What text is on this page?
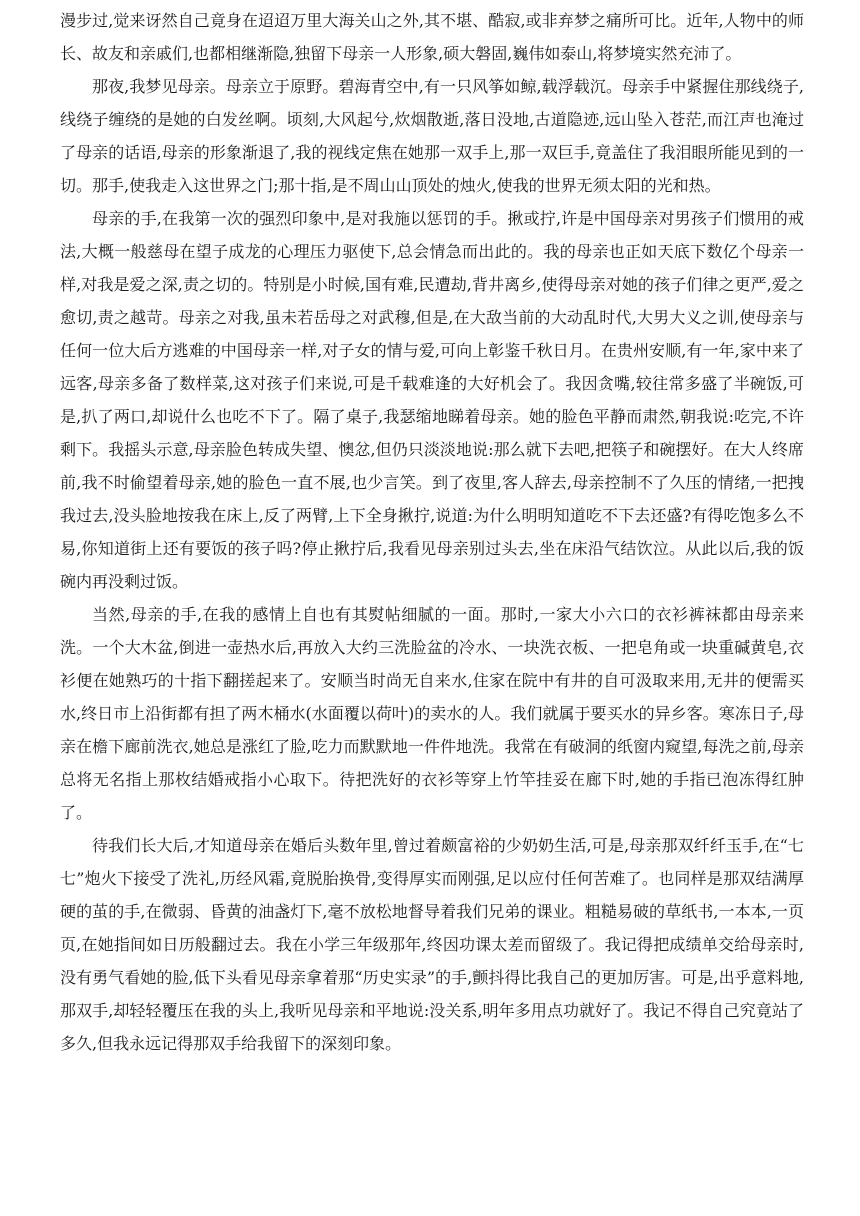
漫步过,觉来讶然自己竟身在迢迢万里大海关山之外,其不堪、酷寂,或非弃梦之痛所可比。近年,人物中的师长、故友和亲戚们,也都相继渐隐,独留下母亲一人形象,硕大磐固,巍伟如泰山,将梦境实然充沛了。

那夜,我梦见母亲。母亲立于原野。碧海青空中,有一只风筝如鲸,载浮载沉。母亲手中紧握住那线绕子,线绕子缠绕的是她的白发丝啊。顷刻,大风起兮,炊烟散逝,落日没地,古道隐迹,远山坠入苍茫,而江声也淹过了母亲的话语,母亲的形象渐退了,我的视线定焦在她那一双手上,那一双巨手,竟盖住了我泪眼所能见到的一切。那手,使我走入这世界之门;那十指,是不周山山顶处的烛火,使我的世界无须太阳的光和热。

母亲的手,在我第一次的强烈印象中,是对我施以惩罚的手。揪或拧,许是中国母亲对男孩子们惯用的戒法,大概一般慈母在望子成龙的心理压力驱使下,总会情急而出此的。我的母亲也正如天底下数亿个母亲一样,对我是爱之深,责之切的。特别是小时候,国有难,民遭劫,背井离乡,使得母亲对她的孩子们律之更严,爱之愈切,责之越苛。母亲之对我,虽未若岳母之对武穆,但是,在大敌当前的大动乱时代,大男大义之训,使母亲与任何一位大后方逃难的中国母亲一样,对子女的情与爱,可向上彰鉴千秋日月。在贵州安顺,有一年,家中来了远客,母亲多备了数样菜,这对孩子们来说,可是千载难逢的大好机会了。我因贪嘴,较往常多盛了半碗饭,可是,扒了两口,却说什么也吃不下了。隔了桌子,我瑟缩地睇着母亲。她的脸色平静而肃然,朝我说:吃完,不许剩下。我摇头示意,母亲脸色转成失望、懊忿,但仍只淡淡地说:那么就下去吧,把筷子和碗摆好。在大人终席前,我不时偷望着母亲,她的脸色一直不展,也少言笑。到了夜里,客人辞去,母亲控制不了久压的情绪,一把拽我过去,没头脸地按我在床上,反了两臂,上下全身揪拧,说道:为什么明明知道吃不下去还盛?有得吃饱多么不易,你知道街上还有要饭的孩子吗?停止揪拧后,我看见母亲别过头去,坐在床沿气结饮泣。从此以后,我的饭碗内再没剩过饭。

当然,母亲的手,在我的感情上自也有其熨帖细腻的一面。那时,一家大小六口的衣衫裤袜都由母亲来洗。一个大木盆,倒进一壶热水后,再放入大约三洗脸盆的冷水、一块洗衣板、一把皂角或一块重碱黄皂,衣衫便在她熟巧的十指下翻搓起来了。安顺当时尚无自来水,住家在院中有井的自可汲取来用,无井的便需买水,终日市上沿街都有担了两木桶水(水面覆以荷叶)的卖水的人。我们就属于要买水的异乡客。寒冻日子,母亲在檐下廊前洗衣,她总是涨红了脸,吃力而默默地一件件地洗。我常在有破洞的纸窗内窥望,每洗之前,母亲总将无名指上那枚结婚戒指小心取下。待把洗好的衣衫等穿上竹竿挂妥在廊下时,她的手指已泡冻得红肿了。

待我们长大后,才知道母亲在婚后头数年里,曾过着颇富裕的少奶奶生活,可是,母亲那双纤纤玉手,在“七七”炮火下接受了洗礼,历经风霜,竟脱胎换骨,变得厚实而刚强,足以应付任何苦难了。也同样是那双结满厚硬的茧的手,在微弱、昏黄的油盏灯下,毫不放松地督导着我们兄弟的课业。粗糙易破的草纸书,一本本,一页页,在她指间如日历般翻过去。我在小学三年级那年,终因功课太差而留级了。我记得把成绩单交给母亲时,没有勇气看她的脸,低下头看见母亲拿着那“历史实录”的手,颤抖得比我自己的更加厉害。可是,出乎意料地,那双手,却轻轻覆压在我的头上,我听见母亲和平地说:没关系,明年多用点功就好了。我记不得自己究竟站了多久,但我永远记得那双手给我留下的深刻印象。
